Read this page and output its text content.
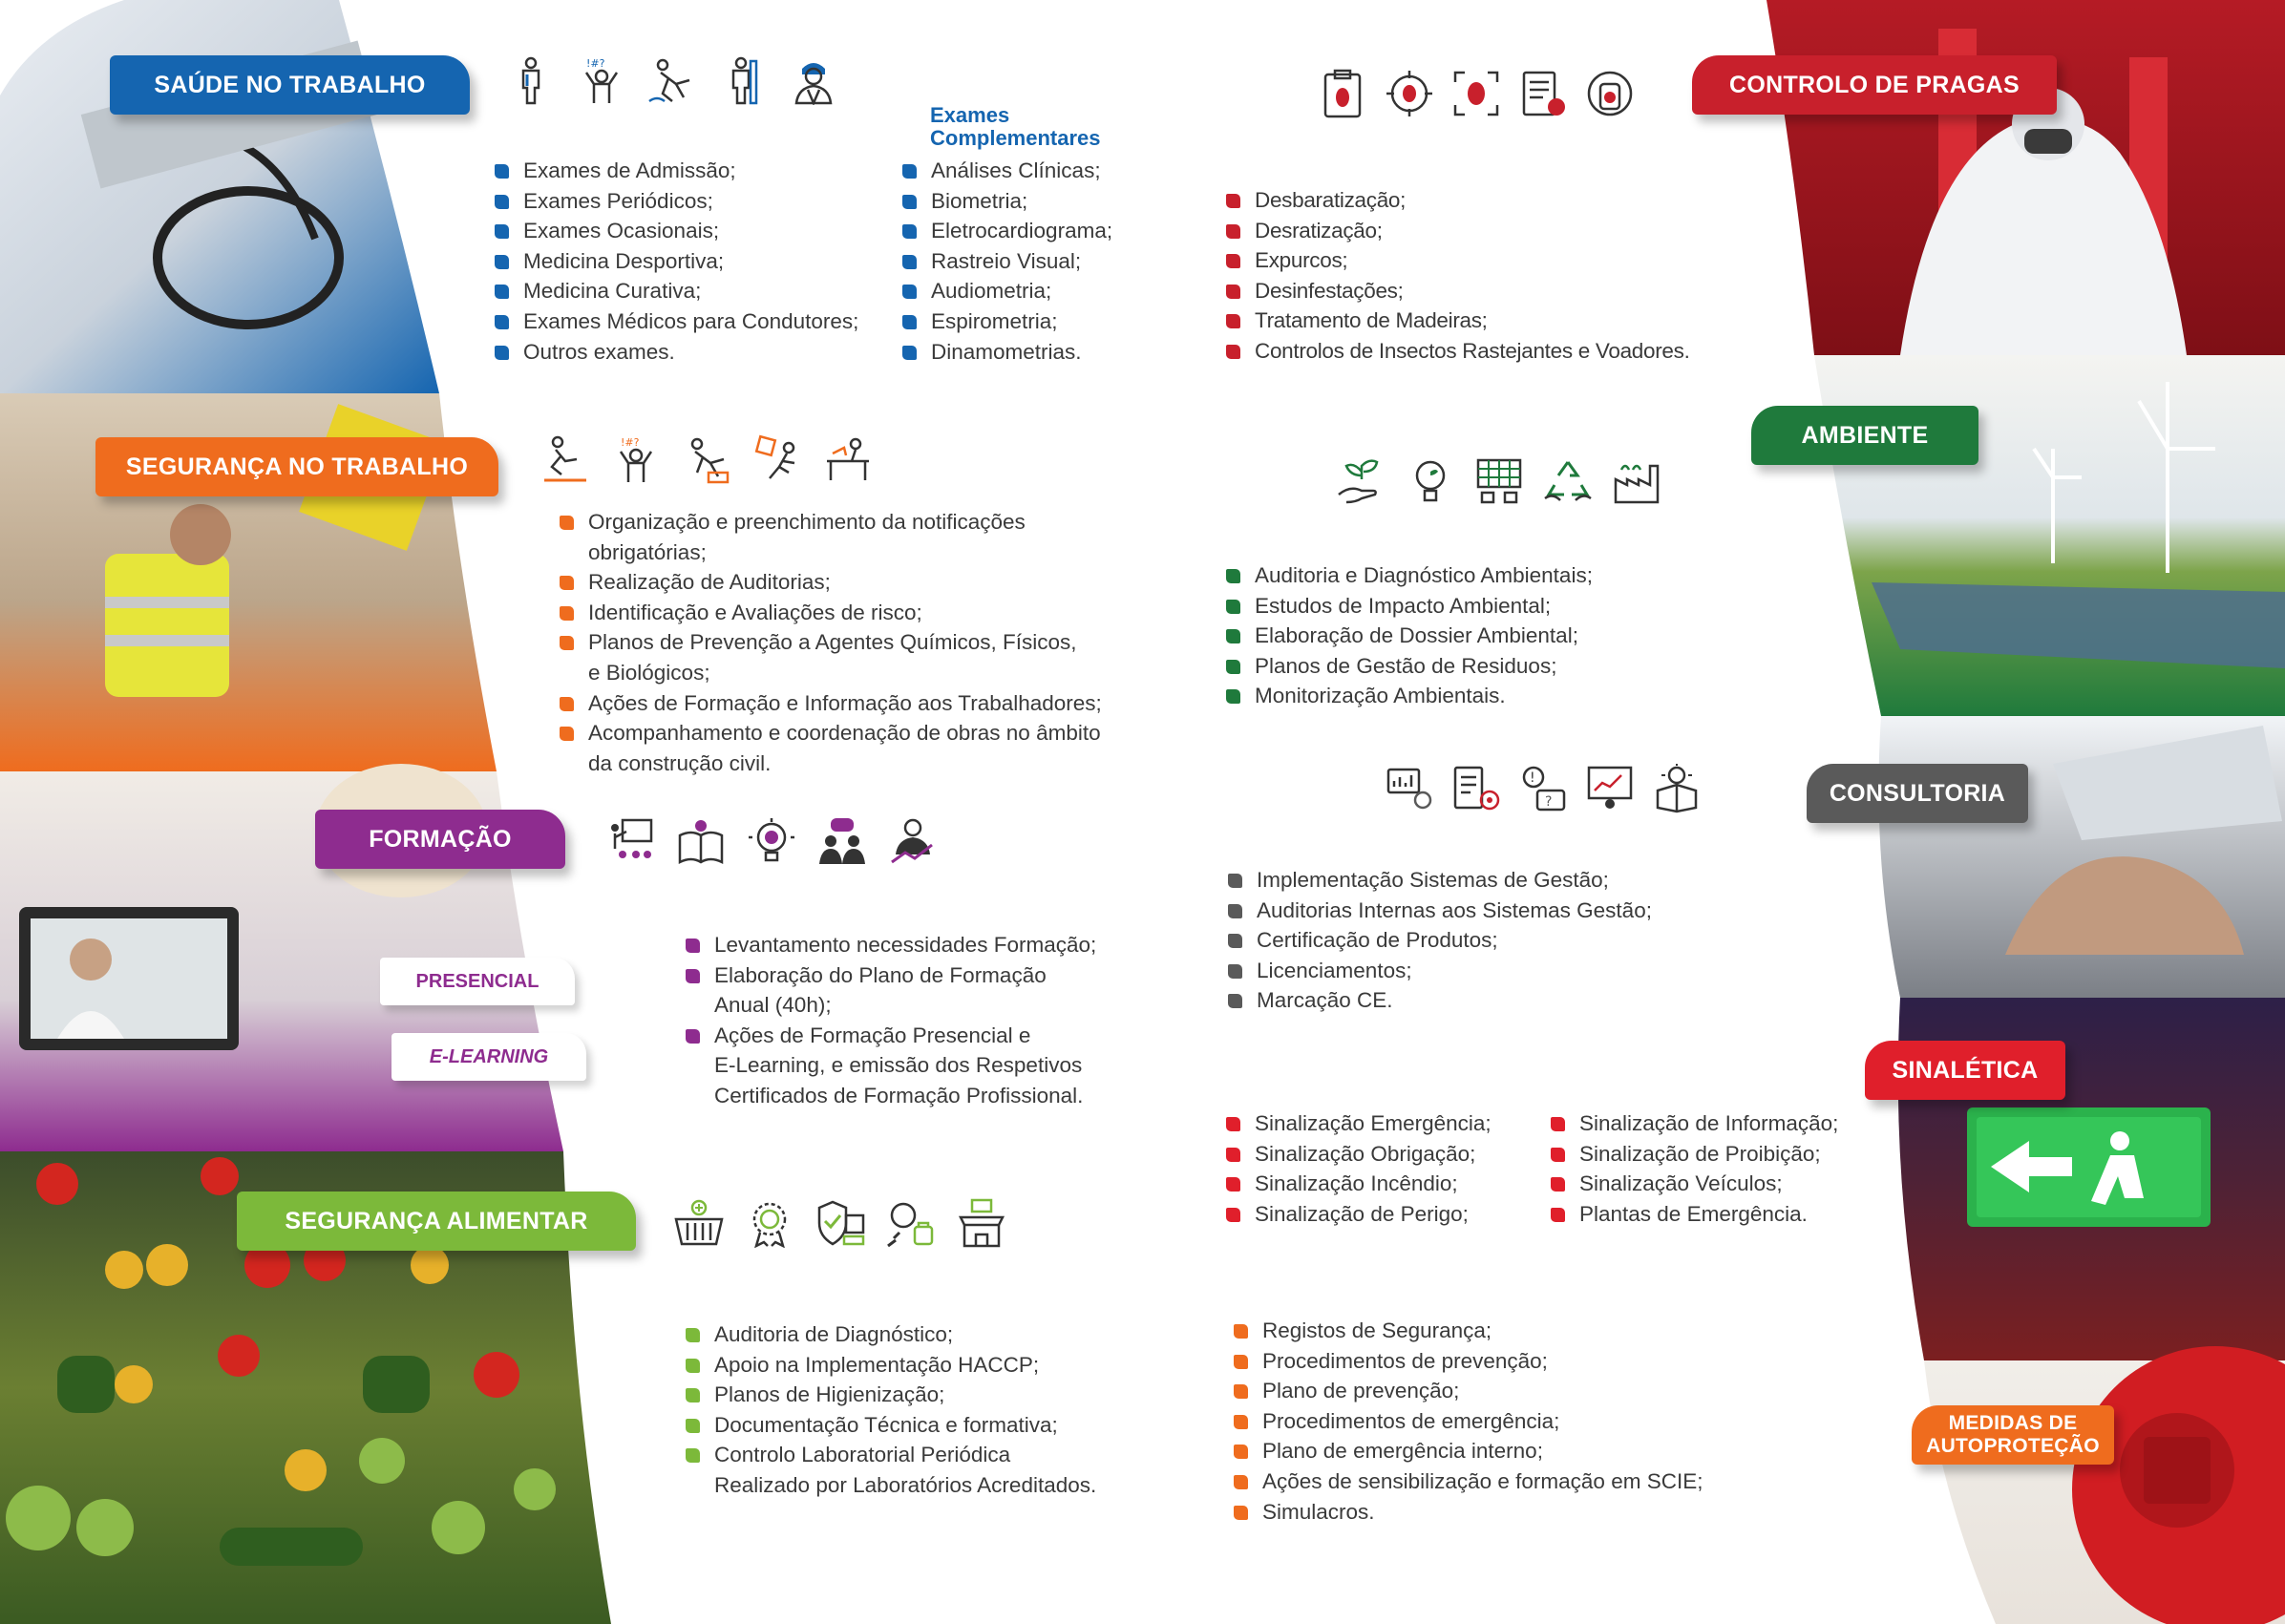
SAÚDE NO TRABALHO
SEGURANÇA NO TRABALHO
FORMAÇÃO
SEGURANÇA ALIMENTAR
CONTROLO DE PRAGAS
AMBIENTE
CONSULTORIA
SINALÉTICA
MEDIDAS DE
AUTOPROTEÇÃO
PRESENCIAL
E-LEARNING
!#?
!#?
!
?
Exames de Admissão;
Exames Periódicos;
Exames Ocasionais;
Medicina Desportiva;
Medicina Curativa;
Exames Médicos para Condutores;
Outros exames.
Exames
Complementares
Análises Clínicas;
Biometria;
Eletrocardiograma;
Rastreio Visual;
Audiometria;
Espirometria;
Dinamometrias.
Organização e preenchimento da notificações
obrigatórias;
Realização de Auditorias;
Identificação e Avaliações de risco;
Planos de Prevenção a Agentes Químicos, Físicos,
e Biológicos;
Ações de Formação e Informação aos Trabalhadores;
Acompanhamento e coordenação de obras no âmbito
da construção civil.
Levantamento necessidades Formação;
Elaboração do Plano de Formação
Anual (40h);
Ações de Formação Presencial e
E-Learning, e emissão dos Respetivos
Certificados de Formação Profissional.
Auditoria de Diagnóstico;
Apoio na Implementação HACCP;
Planos de Higienização;
Documentação Técnica e formativa;
Controlo Laboratorial Periódica
Realizado por Laboratórios Acreditados.
Desbaratização;
Desratização;
Expurcos;
Desinfestações;
Tratamento de Madeiras;
Controlos de Insectos Rastejantes e Voadores.
Auditoria e Diagnóstico Ambientais;
Estudos de Impacto Ambiental;
Elaboração de Dossier Ambiental;
Planos de Gestão de Residuos;
Monitorização Ambientais.
Implementação Sistemas de Gestão;
Auditorias Internas aos Sistemas Gestão;
Certificação de Produtos;
Licenciamentos;
Marcação CE.
Sinalização Emergência;
Sinalização Obrigação;
Sinalização Incêndio;
Sinalização de Perigo;
Sinalização de Informação;
Sinalização de Proibição;
Sinalização Veículos;
Plantas de Emergência.
Registos de Segurança;
Procedimentos de prevenção;
Plano de prevenção;
Procedimentos de emergência;
Plano de emergência interno;
Ações de sensibilização e formação em SCIE;
Simulacros.
